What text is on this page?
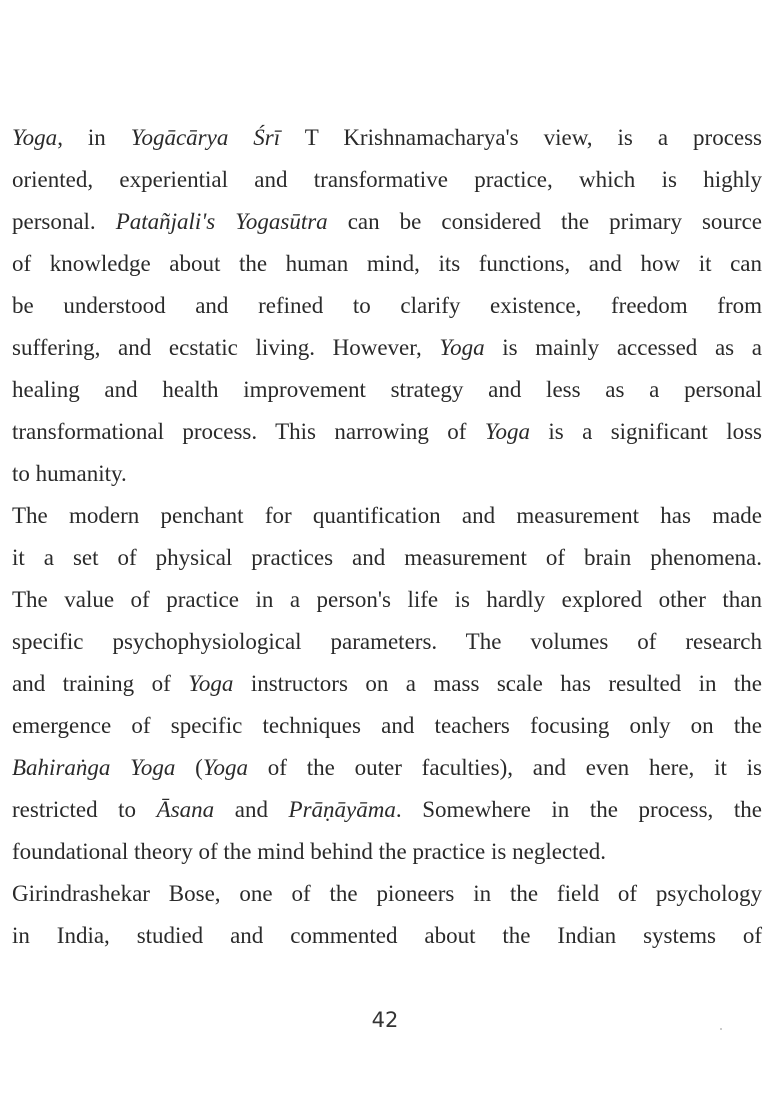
Yoga, in Yogācārya Śrī T Krishnamacharya's view, is a process
oriented, experiential and transformative practice, which is highly
personal. Patañjali's Yogasūtra can be considered the primary source
of knowledge about the human mind, its functions, and how it can
be understood and refined to clarify existence, freedom from
suffering, and ecstatic living. However, Yoga is mainly accessed as a
healing and health improvement strategy and less as a personal
transformational process. This narrowing of Yoga is a significant loss
to humanity.
The modern penchant for quantification and measurement has made
it a set of physical practices and measurement of brain phenomena.
The value of practice in a person's life is hardly explored other than
specific psychophysiological parameters. The volumes of research
and training of Yoga instructors on a mass scale has resulted in the
emergence of specific techniques and teachers focusing only on the
Bahiraṅga Yoga (Yoga of the outer faculties), and even here, it is
restricted to Āsana and Prāṇāyāma. Somewhere in the process, the
foundational theory of the mind behind the practice is neglected.
Girindrashekar Bose, one of the pioneers in the field of psychology
in India, studied and commented about the Indian systems of
42
